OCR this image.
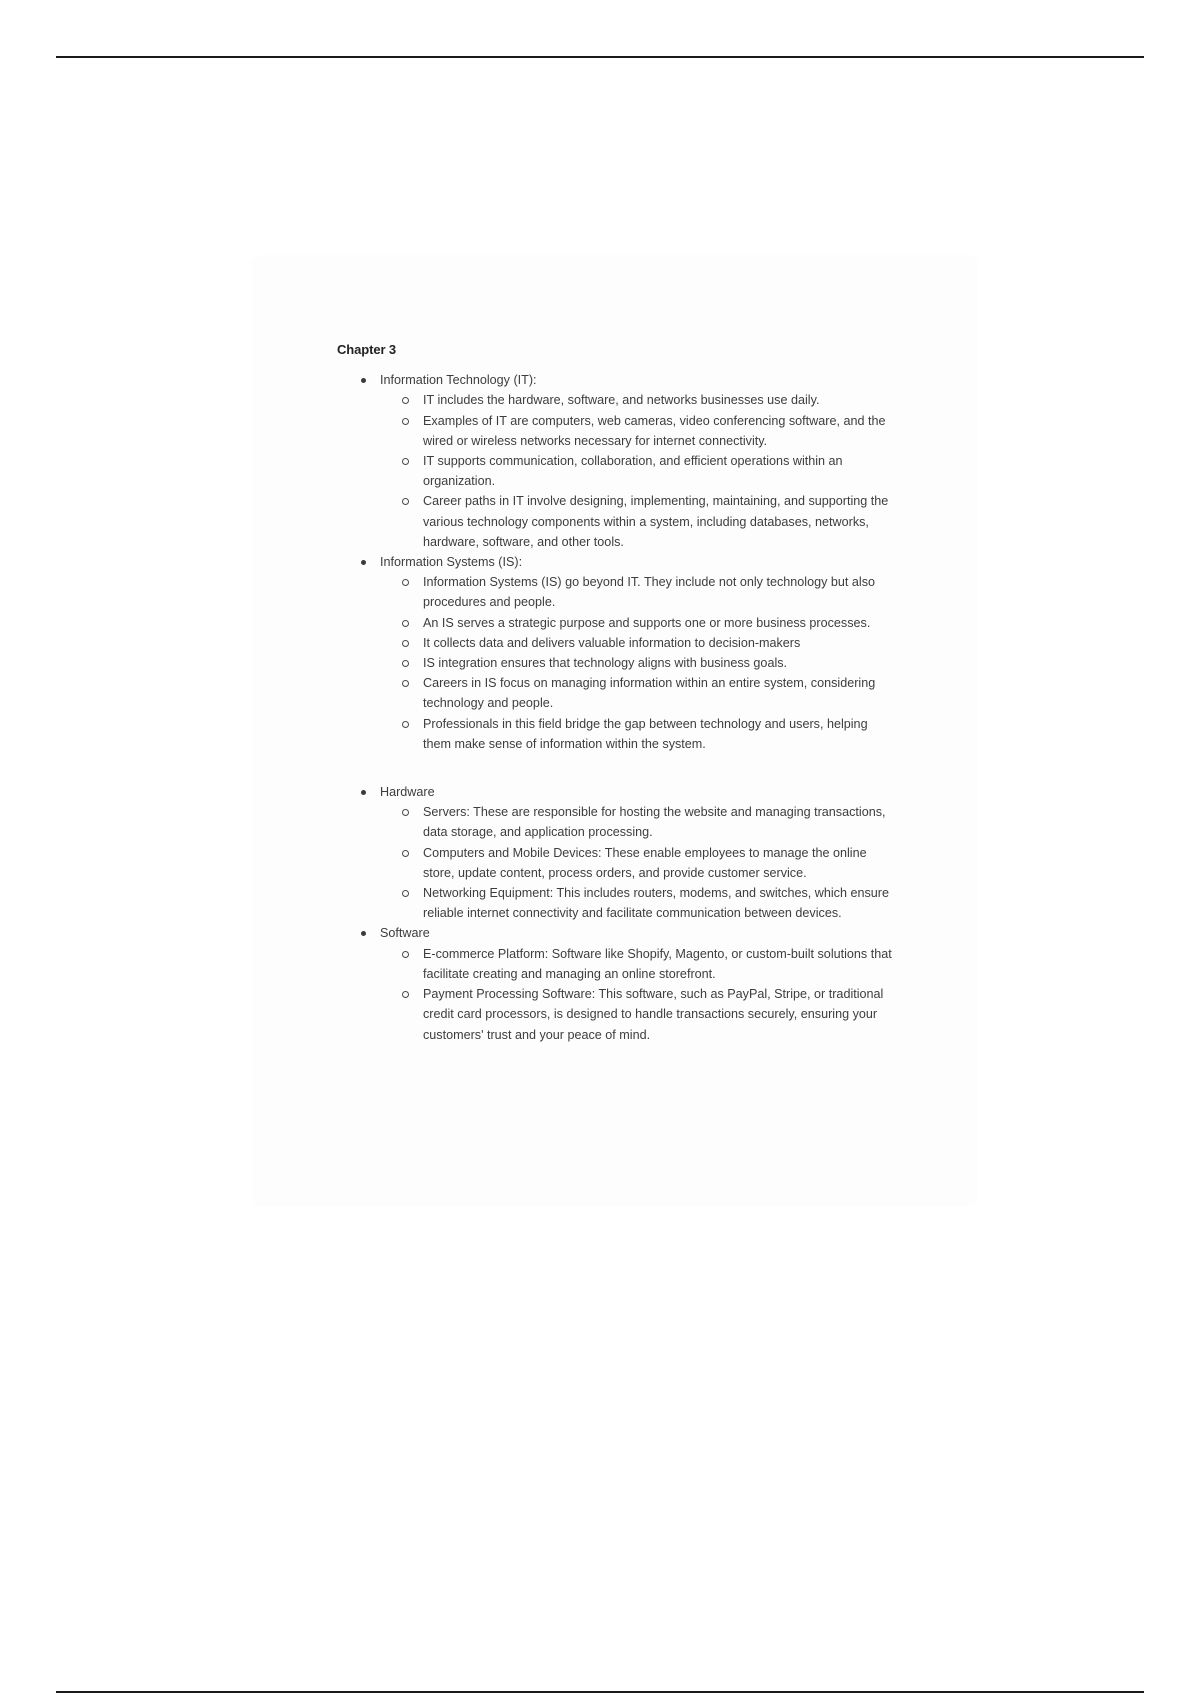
Chapter 3
Information Technology (IT):
IT includes the hardware, software, and networks businesses use daily.
Examples of IT are computers, web cameras, video conferencing software, and the wired or wireless networks necessary for internet connectivity.
IT supports communication, collaboration, and efficient operations within an organization.
Career paths in IT involve designing, implementing, maintaining, and supporting the various technology components within a system, including databases, networks, hardware, software, and other tools.
Information Systems (IS):
Information Systems (IS) go beyond IT. They include not only technology but also procedures and people.
An IS serves a strategic purpose and supports one or more business processes.
It collects data and delivers valuable information to decision-makers
IS integration ensures that technology aligns with business goals.
Careers in IS focus on managing information within an entire system, considering technology and people.
Professionals in this field bridge the gap between technology and users, helping them make sense of information within the system.
Hardware
Servers: These are responsible for hosting the website and managing transactions, data storage, and application processing.
Computers and Mobile Devices: These enable employees to manage the online store, update content, process orders, and provide customer service.
Networking Equipment: This includes routers, modems, and switches, which ensure reliable internet connectivity and facilitate communication between devices.
Software
E-commerce Platform: Software like Shopify, Magento, or custom-built solutions that facilitate creating and managing an online storefront.
Payment Processing Software: This software, such as PayPal, Stripe, or traditional credit card processors, is designed to handle transactions securely, ensuring your customers' trust and your peace of mind.
